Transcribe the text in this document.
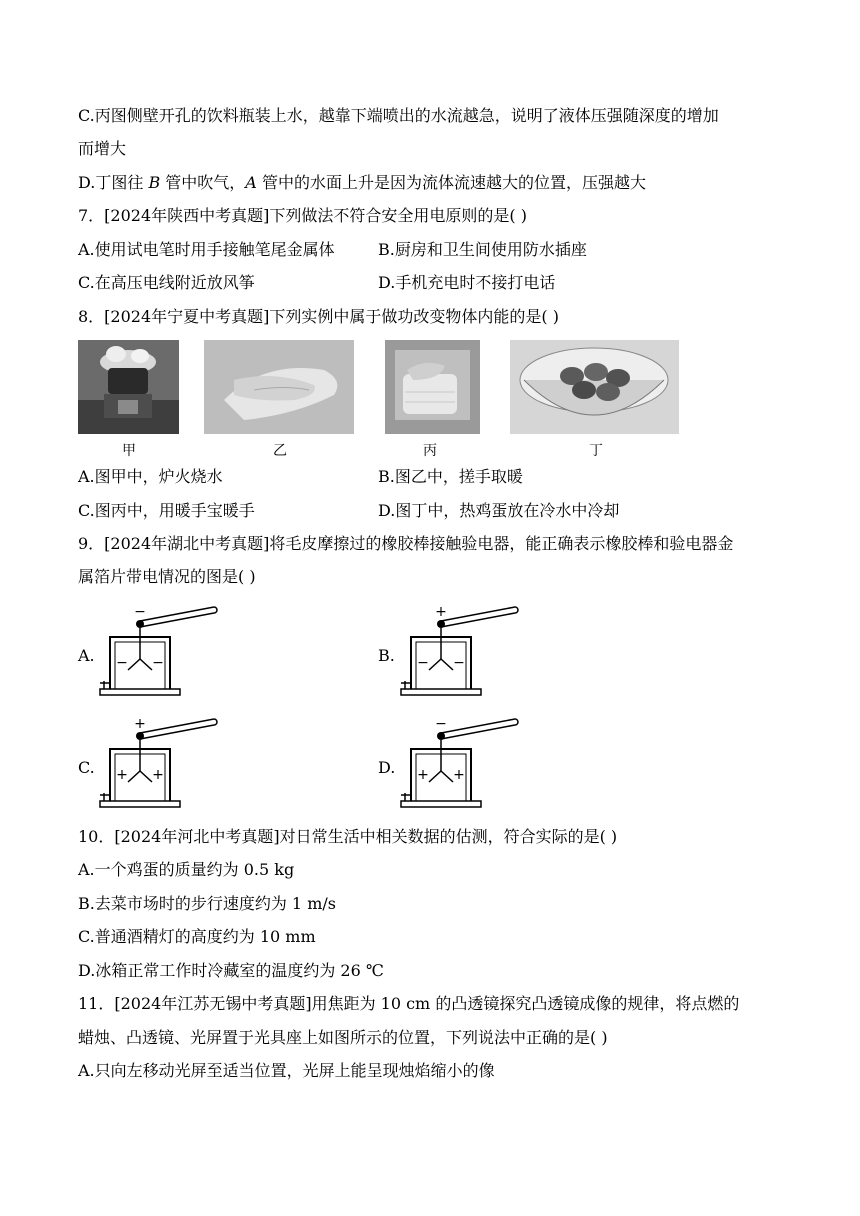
C.丙图侧壁开孔的饮料瓶装上水，越靠下端喷出的水流越急，说明了液体压强随深度的增加
而增大
D.丁图往 B 管中吹气，A 管中的水面上升是因为流体流速越大的位置，压强越大
7．[2024年陕西中考真题]下列做法不符合安全用电原则的是( )
A.使用试电笔时用手接触笔尾金属体	B.厨房和卫生间使用防水插座
C.在高压电线附近放风筝	D.手机充电时不接打电话
8．[2024年宁夏中考真题]下列实例中属于做功改变物体内能的是( )
甲	乙	丙	丁
A.图甲中，炉火烧水	B.图乙中，搓手取暖
C.图丙中，用暖手宝暖手	D.图丁中，热鸡蛋放在冷水中冷却
9．[2024年湖北中考真题]将毛皮摩擦过的橡胶棒接触验电器，能正确表示橡胶棒和验电器金
属箔片带电情况的图是( )
A.
−
− −	B.
+
− −
C.
+
+ +	D.
−
+ +
10．[2024年河北中考真题]对日常生活中相关数据的估测，符合实际的是( )
A.一个鸡蛋的质量约为 0.5 kg
B.去菜市场时的步行速度约为 1 m/s
C.普通酒精灯的高度约为 10 mm
D.冰箱正常工作时冷藏室的温度约为 26 ℃
11．[2024年江苏无锡中考真题]用焦距为 10 cm 的凸透镜探究凸透镜成像的规律，将点燃的
蜡烛、凸透镜、光屏置于光具座上如图所示的位置，下列说法中正确的是( )
A.只向左移动光屏至适当位置，光屏上能呈现烛焰缩小的像
